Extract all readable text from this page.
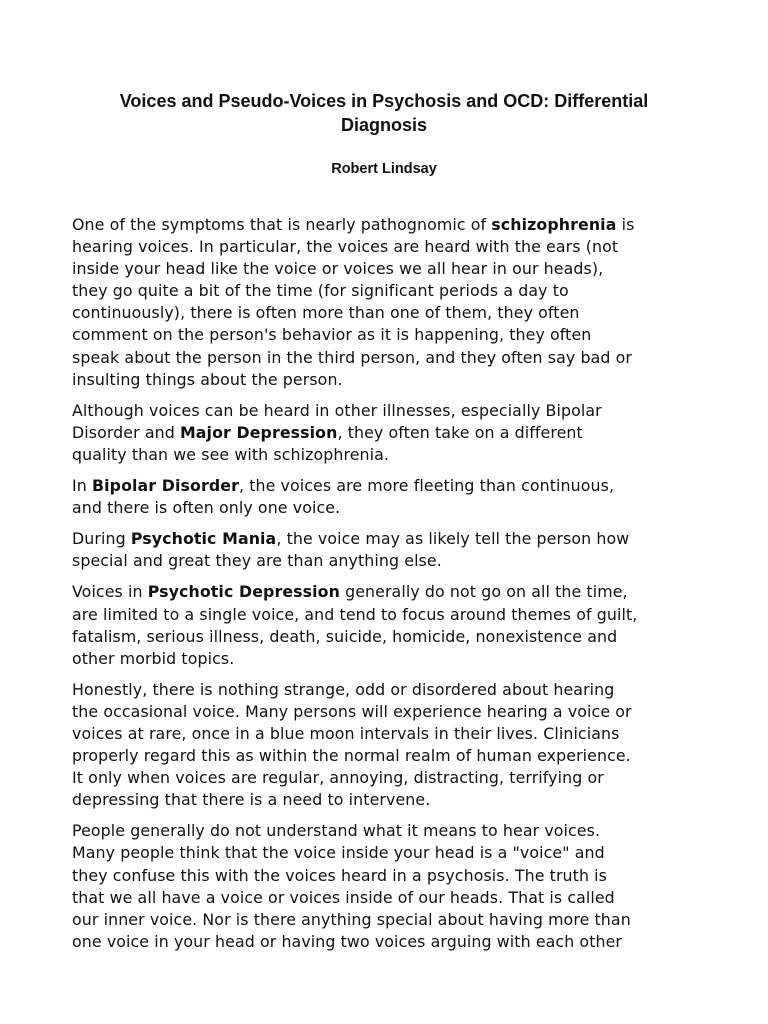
Voices and Pseudo-Voices in Psychosis and OCD: Differential
Diagnosis

Robert Lindsay

One of the symptoms that is nearly pathognomic of schizophrenia is
hearing voices. In particular, the voices are heard with the ears (not
inside your head like the voice or voices we all hear in our heads),
they go quite a bit of the time (for significant periods a day to
continuously), there is often more than one of them, they often
comment on the person's behavior as it is happening, they often
speak about the person in the third person, and they often say bad or
insulting things about the person.

Although voices can be heard in other illnesses, especially Bipolar
Disorder and Major Depression, they often take on a different
quality than we see with schizophrenia.

In Bipolar Disorder, the voices are more fleeting than continuous,
and there is often only one voice.

During Psychotic Mania, the voice may as likely tell the person how
special and great they are than anything else.

Voices in Psychotic Depression generally do not go on all the time,
are limited to a single voice, and tend to focus around themes of guilt,
fatalism, serious illness, death, suicide, homicide, nonexistence and
other morbid topics.

Honestly, there is nothing strange, odd or disordered about hearing
the occasional voice. Many persons will experience hearing a voice or
voices at rare, once in a blue moon intervals in their lives. Clinicians
properly regard this as within the normal realm of human experience.
It only when voices are regular, annoying, distracting, terrifying or
depressing that there is a need to intervene.

People generally do not understand what it means to hear voices.
Many people think that the voice inside your head is a "voice" and
they confuse this with the voices heard in a psychosis. The truth is
that we all have a voice or voices inside of our heads. That is called
our inner voice. Nor is there anything special about having more than
one voice in your head or having two voices arguing with each other
